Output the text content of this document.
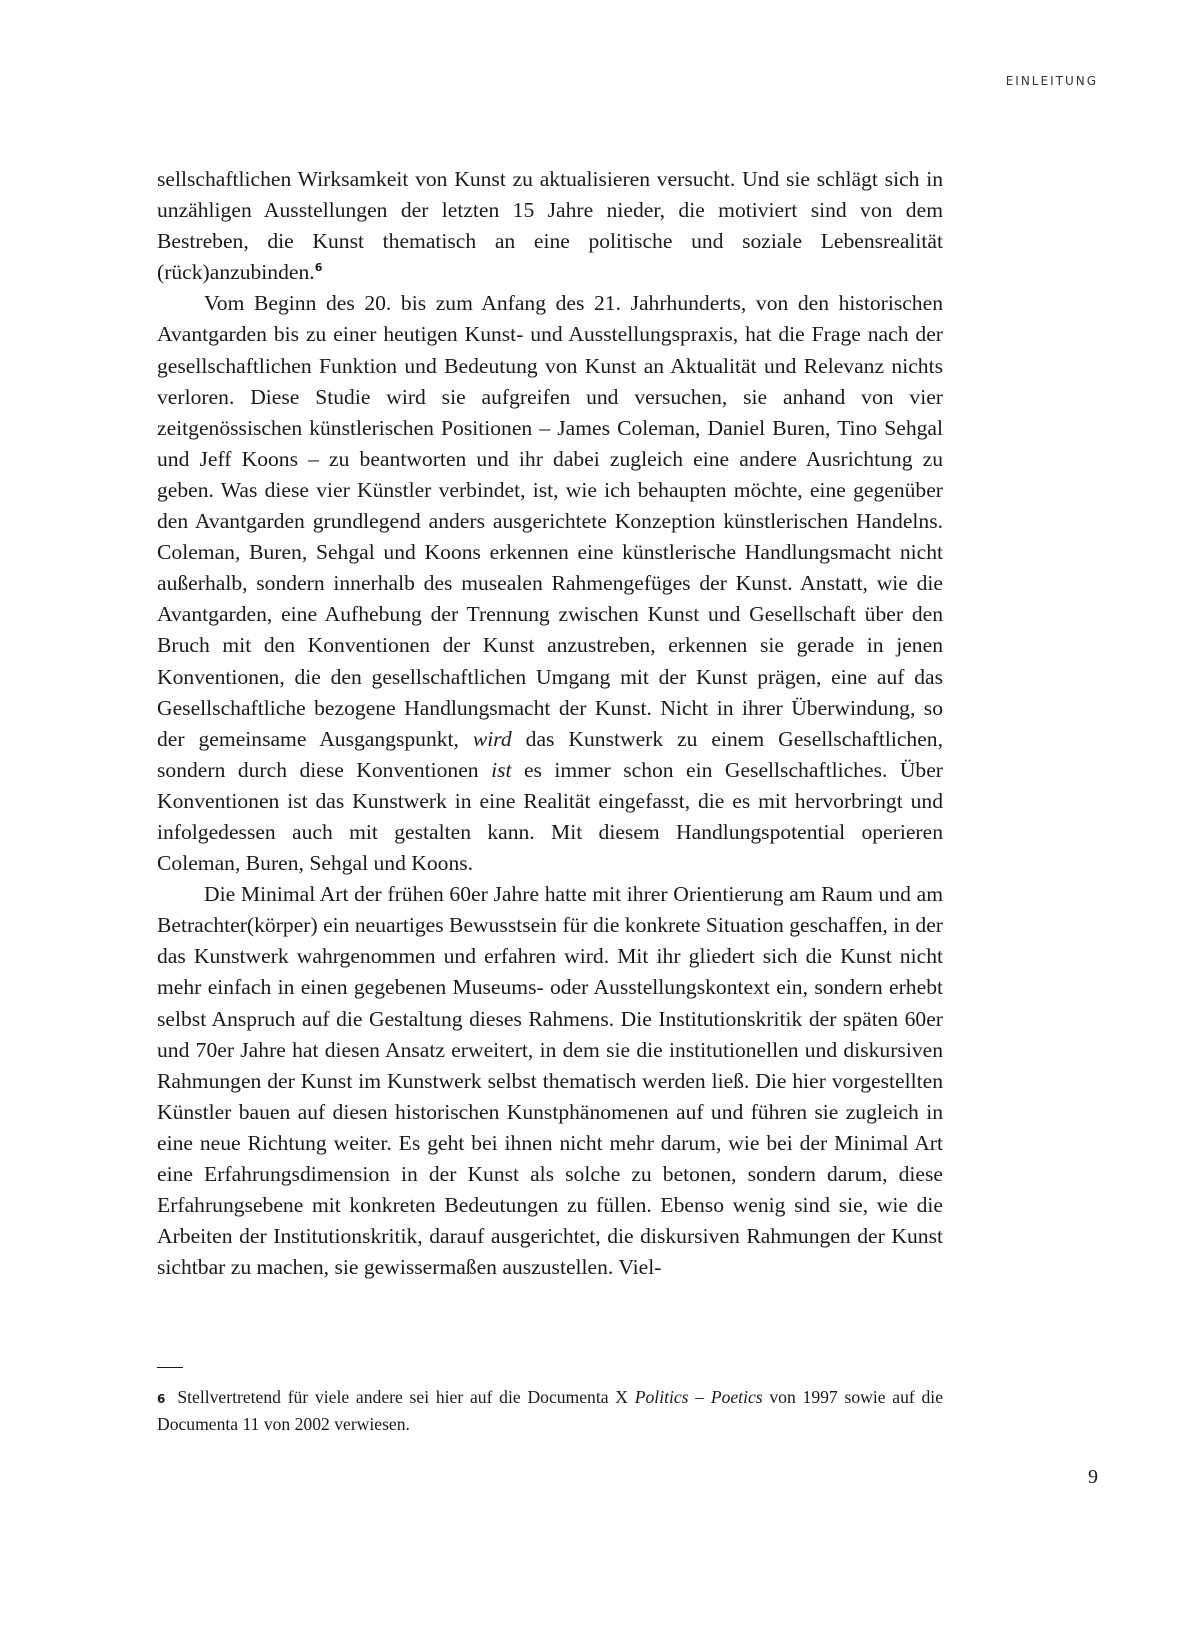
EINLEITUNG

sellschaftlichen Wirksamkeit von Kunst zu aktualisieren versucht. Und sie schlägt sich in unzähligen Ausstellungen der letzten 15 Jahre nieder, die motiviert sind von dem Bestreben, die Kunst thematisch an eine politische und soziale Lebensrealität (rück)anzubinden.$^6$

Vom Beginn des 20. bis zum Anfang des 21. Jahrhunderts, von den historischen Avantgarden bis zu einer heutigen Kunst- und Ausstellungspraxis, hat die Frage nach der gesellschaftlichen Funktion und Bedeutung von Kunst an Aktualität und Relevanz nichts verloren. Diese Studie wird sie aufgreifen und versuchen, sie anhand von vier zeitgenössischen künstlerischen Positionen – James Coleman, Daniel Buren, Tino Sehgal und Jeff Koons – zu beantworten und ihr dabei zugleich eine andere Ausrichtung zu geben. Was diese vier Künstler verbindet, ist, wie ich behaupten möchte, eine gegenüber den Avantgarden grundlegend anders ausgerichtete Konzeption künstlerischen Handelns. Coleman, Buren, Sehgal und Koons erkennen eine künstlerische Handlungsmacht nicht außerhalb, sondern innerhalb des musealen Rahmengefüges der Kunst. Anstatt, wie die Avantgarden, eine Aufhebung der Trennung zwischen Kunst und Gesellschaft über den Bruch mit den Konventionen der Kunst anzustreben, erkennen sie gerade in jenen Konventionen, die den gesellschaftlichen Umgang mit der Kunst prägen, eine auf das Gesellschaftliche bezogene Handlungsmacht der Kunst. Nicht in ihrer Überwindung, so der gemeinsame Ausgangspunkt, wird das Kunstwerk zu einem Gesellschaftlichen, sondern durch diese Konventionen ist es immer schon ein Gesellschaftliches. Über Konventionen ist das Kunstwerk in eine Realität eingefasst, die es mit hervorbringt und infolgedessen auch mit gestalten kann. Mit diesem Handlungspotential operieren Coleman, Buren, Sehgal und Koons.

Die Minimal Art der frühen 60er Jahre hatte mit ihrer Orientierung am Raum und am Betrachter(körper) ein neuartiges Bewusstsein für die konkrete Situation geschaffen, in der das Kunstwerk wahrgenommen und erfahren wird. Mit ihr gliedert sich die Kunst nicht mehr einfach in einen gegebenen Museums- oder Ausstellungskontext ein, sondern erhebt selbst Anspruch auf die Gestaltung dieses Rahmens. Die Institutionskritik der späten 60er und 70er Jahre hat diesen Ansatz erweitert, in dem sie die institutionellen und diskursiven Rahmungen der Kunst im Kunstwerk selbst thematisch werden ließ. Die hier vorgestellten Künstler bauen auf diesen historischen Kunstphänomenen auf und führen sie zugleich in eine neue Richtung weiter. Es geht bei ihnen nicht mehr darum, wie bei der Minimal Art eine Erfahrungsdimension in der Kunst als solche zu betonen, sondern darum, diese Erfahrungsebene mit konkreten Bedeutungen zu füllen. Ebenso wenig sind sie, wie die Arbeiten der Institutionskritik, darauf ausgerichtet, die diskursiven Rahmungen der Kunst sichtbar zu machen, sie gewissermaßen auszustellen. Viel-

6 Stellvertretend für viele andere sei hier auf die Documenta X Politics – Poetics von 1997 sowie auf die Documenta 11 von 2002 verwiesen.
9
